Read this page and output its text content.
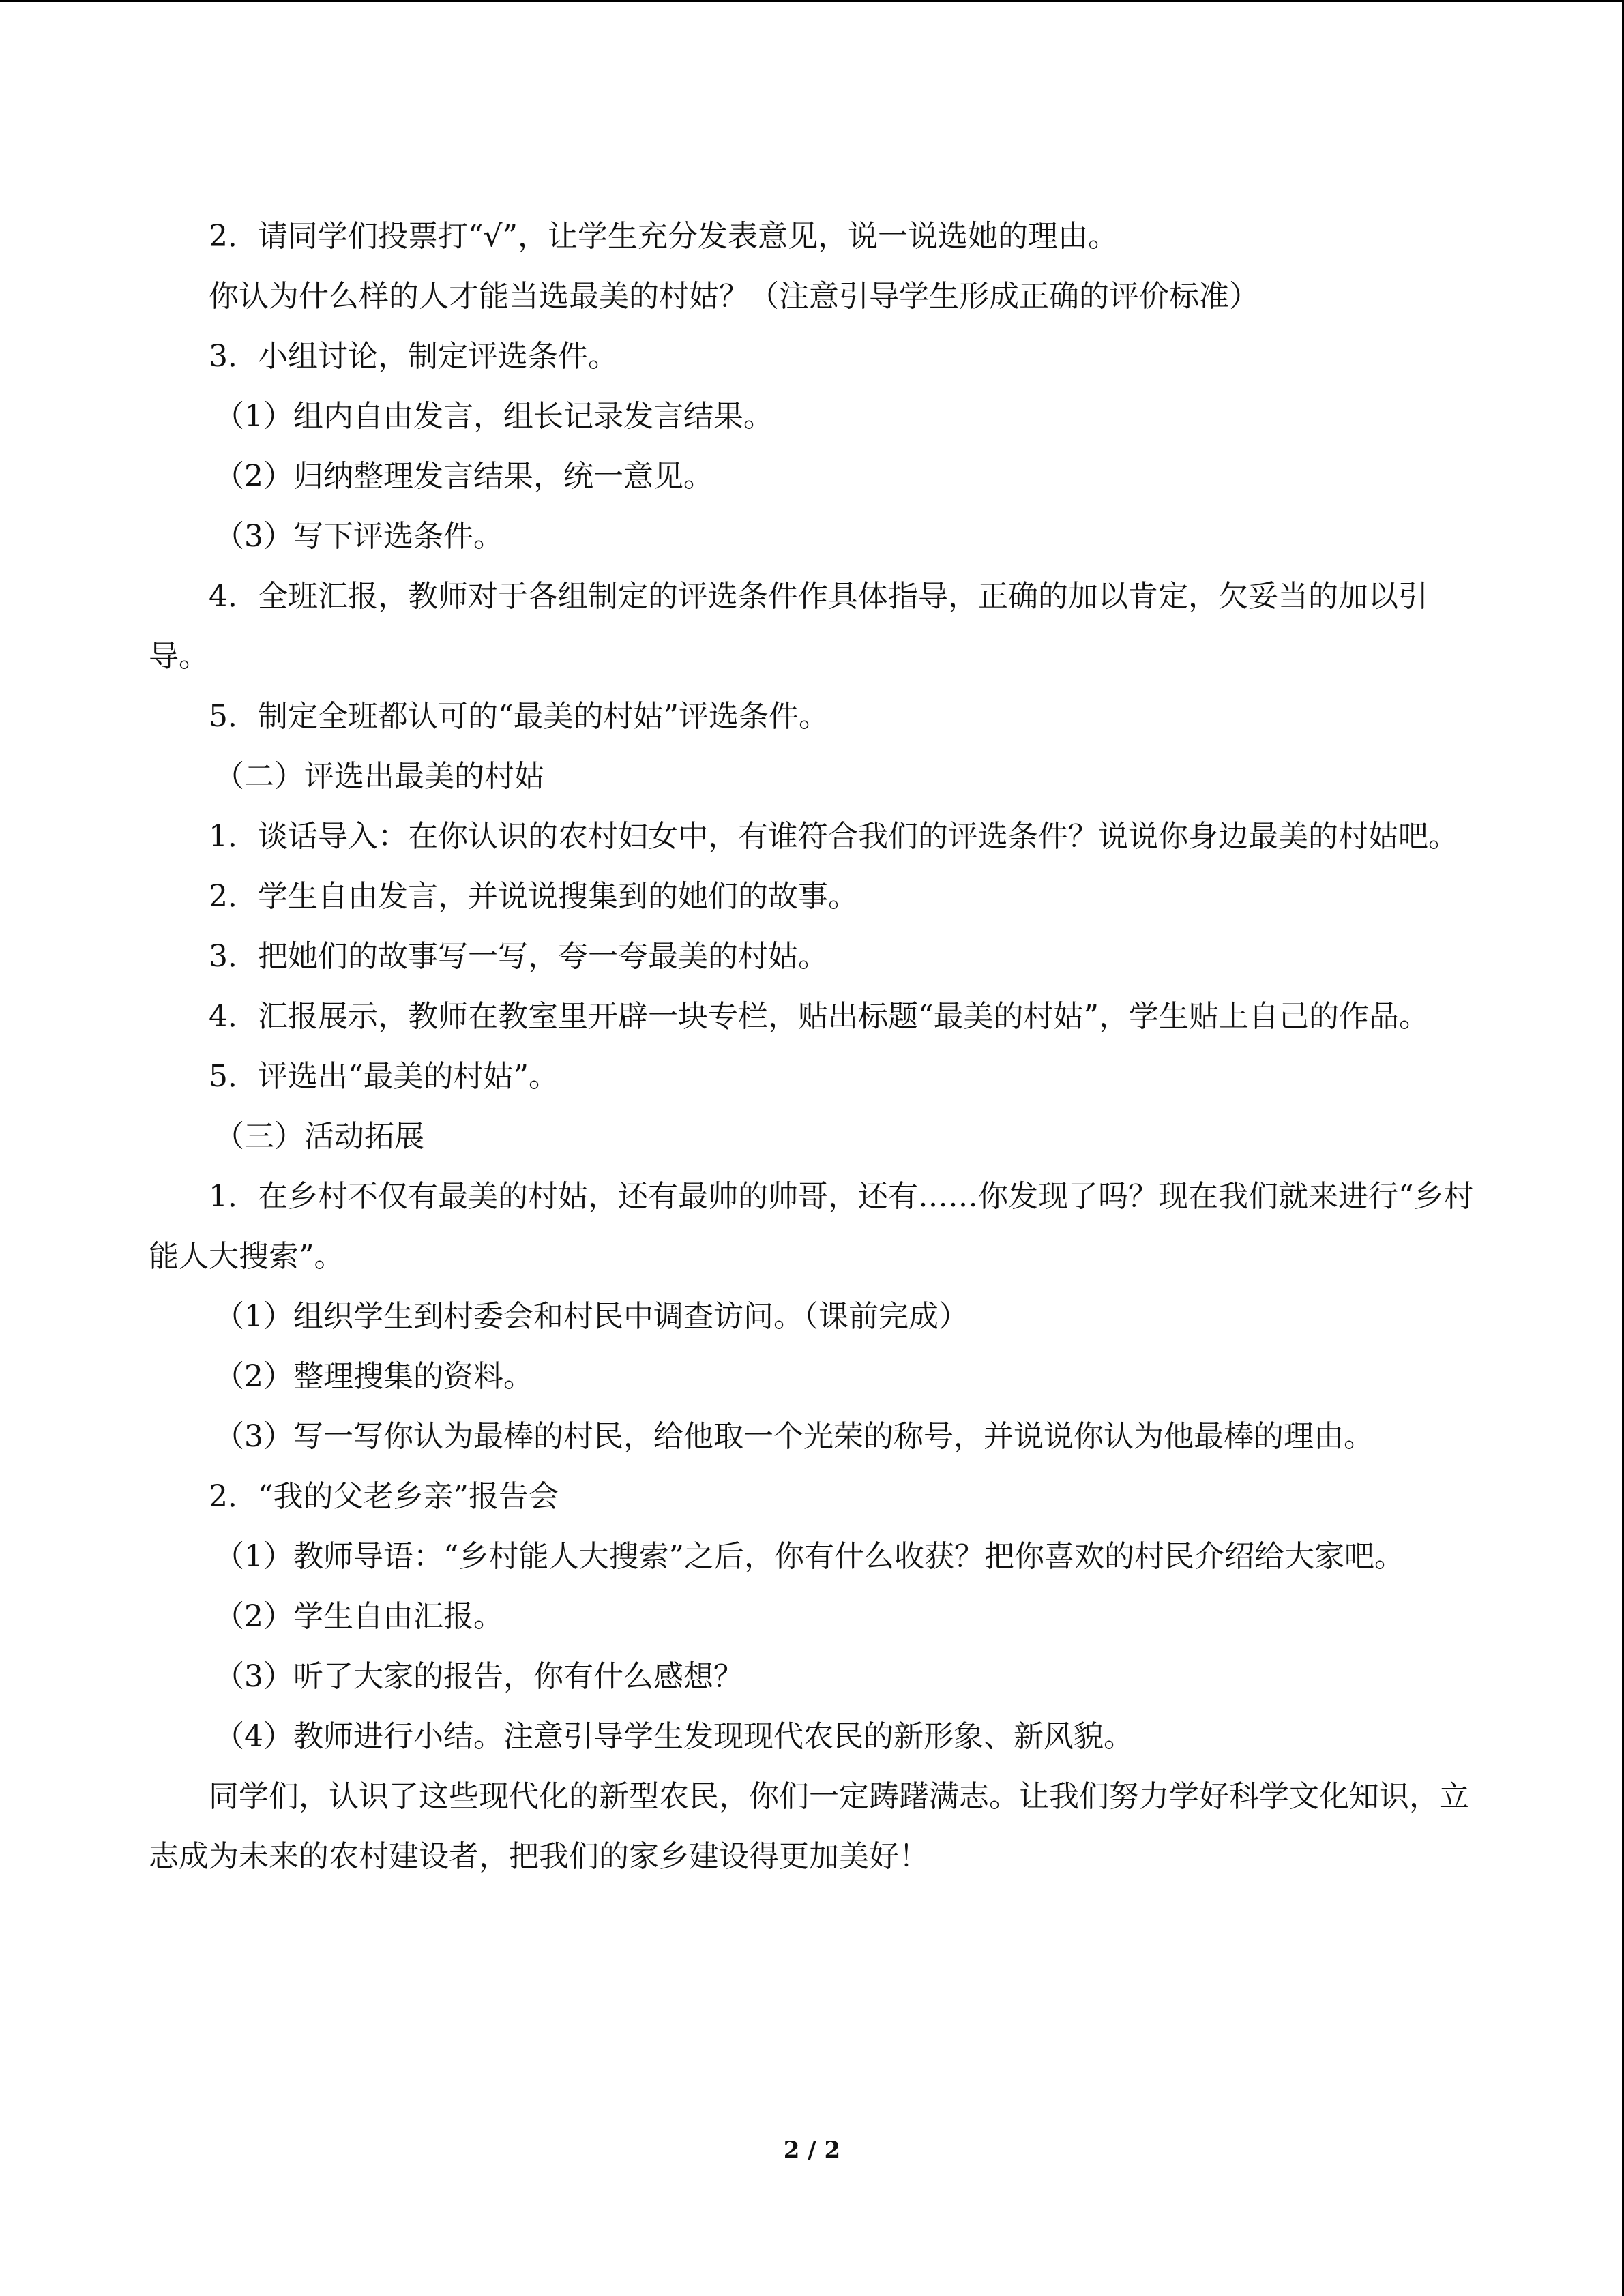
2．请同学们投票打“√”，让学生充分发表意见，说一说选她的理由。

你认为什么样的人才能当选最美的村姑？（注意引导学生形成正确的评价标准）

3．小组讨论，制定评选条件。

（1）组内自由发言，组长记录发言结果。

（2）归纳整理发言结果，统一意见。

（3）写下评选条件。

4．全班汇报，教师对于各组制定的评选条件作具体指导，正确的加以肯定，欠妥当的加以引导。

5．制定全班都认可的“最美的村姑”评选条件。

（二）评选出最美的村姑

1．谈话导入：在你认识的农村妇女中，有谁符合我们的评选条件？说说你身边最美的村姑吧。

2．学生自由发言，并说说搜集到的她们的故事。

3．把她们的故事写一写，夸一夸最美的村姑。

4．汇报展示，教师在教室里开辟一块专栏，贴出标题“最美的村姑”，学生贴上自己的作品。

5．评选出“最美的村姑”。

（三）活动拓展

1．在乡村不仅有最美的村姑，还有最帅的帅哥，还有……你发现了吗？现在我们就来进行“乡村能人大搜索”。

（1）组织学生到村委会和村民中调查访问。（课前完成）

（2）整理搜集的资料。

（3）写一写你认为最棒的村民，给他取一个光荣的称号，并说说你认为他最棒的理由。

2．“我的父老乡亲”报告会

（1）教师导语：“乡村能人大搜索”之后，你有什么收获？把你喜欢的村民介绍给大家吧。

（2）学生自由汇报。

（3）听了大家的报告，你有什么感想？

（4）教师进行小结。注意引导学生发现现代农民的新形象、新风貌。

同学们，认识了这些现代化的新型农民，你们一定踌躇满志。让我们努力学好科学文化知识，立志成为未来的农村建设者，把我们的家乡建设得更加美好！

2 / 2
